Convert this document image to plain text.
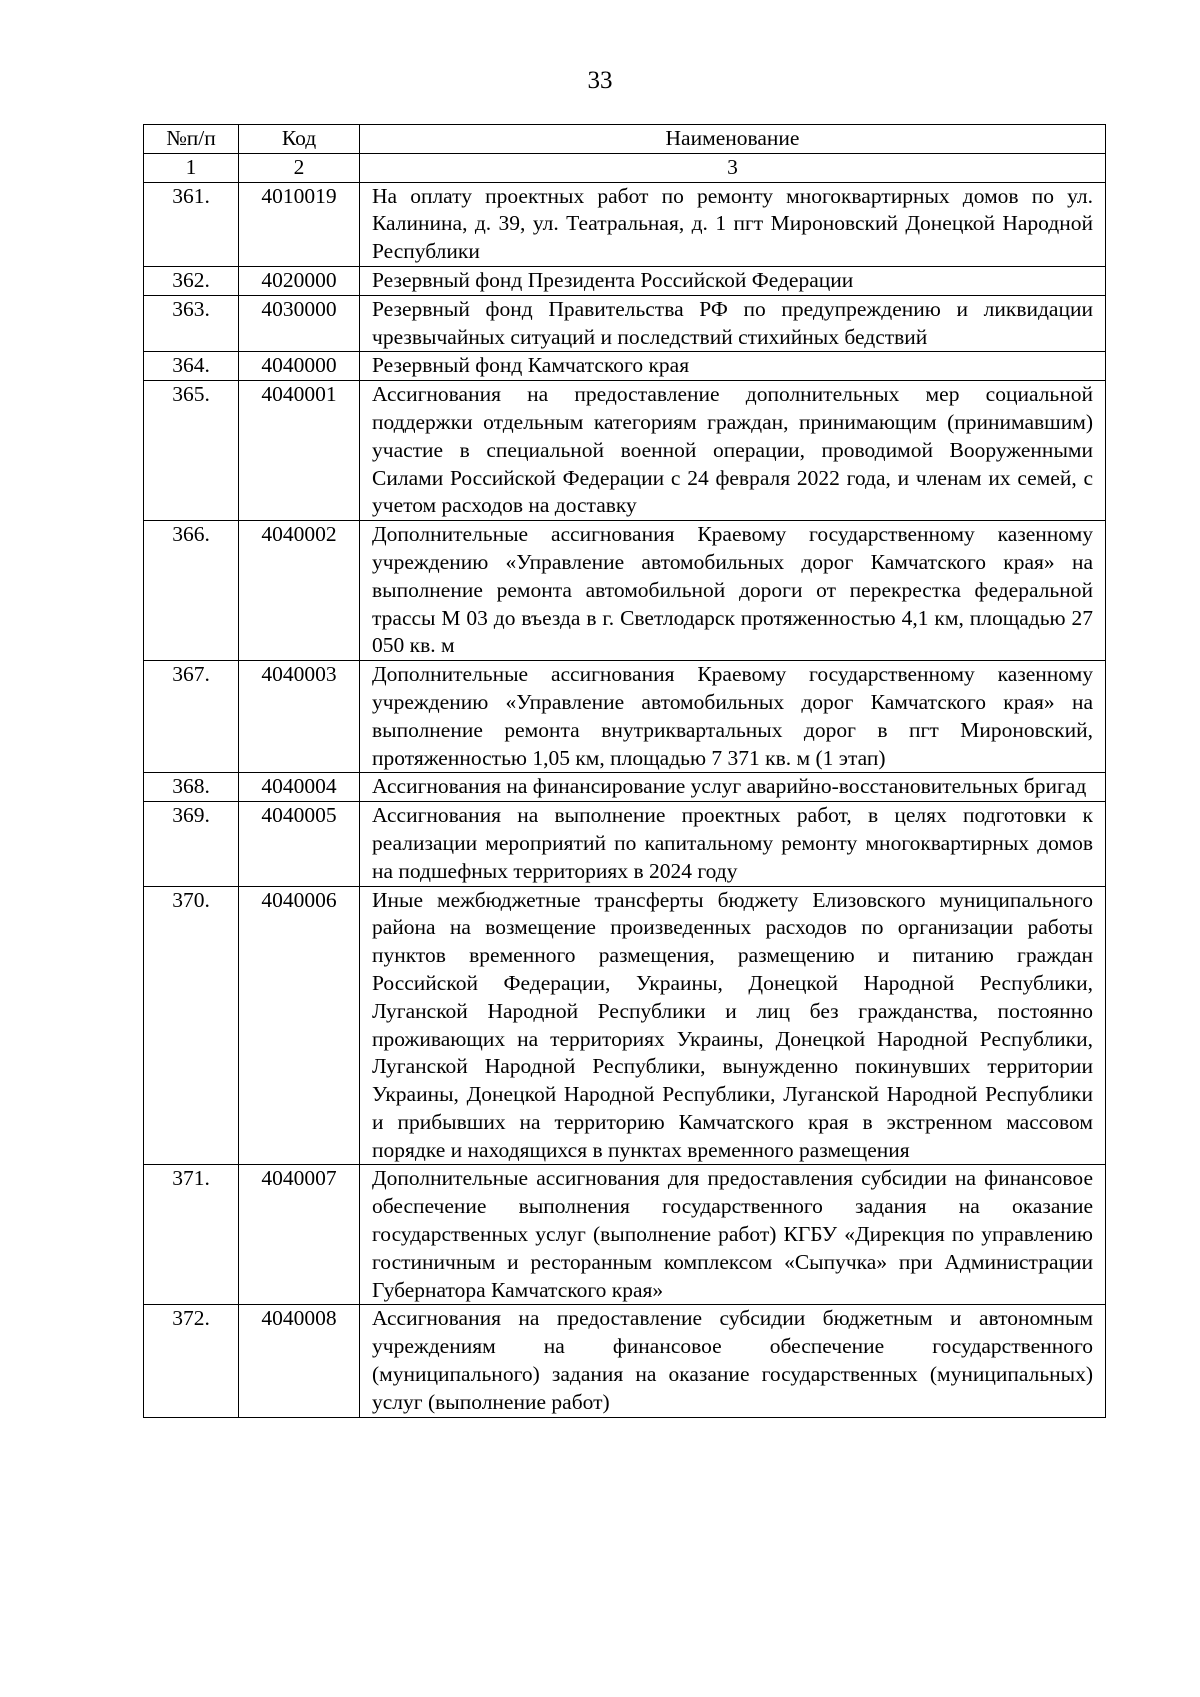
33
№п/п	Код	Наименование
1	2	3
361.	4010019	На оплату проектных работ по ремонту многоквартирных домов по ул. Калинина, д. 39, ул. Театральная, д. 1 пгт Мироновский Донецкой Народной Республики
362.	4020000	Резервный фонд Президента Российской Федерации
363.	4030000	Резервный фонд Правительства РФ по предупреждению и ликвидации чрезвычайных ситуаций и последствий стихийных бедствий
364.	4040000	Резервный фонд Камчатского края
365.	4040001	Ассигнования на предоставление дополнительных мер социальной поддержки отдельным категориям граждан, принимающим (принимавшим) участие в специальной военной операции, проводимой Вооруженными Силами Российской Федерации с 24 февраля 2022 года, и членам их семей, с учетом расходов на доставку
366.	4040002	Дополнительные ассигнования Краевому государственному казенному учреждению «Управление автомобильных дорог Камчатского края» на выполнение ремонта автомобильной дороги от перекрестка федеральной трассы М 03 до въезда в г. Светлодарск протяженностью 4,1 км, площадью 27 050 кв. м
367.	4040003	Дополнительные ассигнования Краевому государственному казенному учреждению «Управление автомобильных дорог Камчатского края» на выполнение ремонта внутриквартальных дорог в пгт Мироновский, протяженностью 1,05 км, площадью 7 371 кв. м (1 этап)
368.	4040004	Ассигнования на финансирование услуг аварийно-восстановительных бригад
369.	4040005	Ассигнования на выполнение проектных работ, в целях подготовки к реализации мероприятий по капитальному ремонту многоквартирных домов на подшефных территориях в 2024 году
370.	4040006	Иные межбюджетные трансферты бюджету Елизовского муниципального района на возмещение произведенных расходов по организации работы пунктов временного размещения, размещению и питанию граждан Российской Федерации, Украины, Донецкой Народной Республики, Луганской Народной Республики и лиц без гражданства, постоянно проживающих на территориях Украины, Донецкой Народной Республики, Луганской Народной Республики, вынужденно покинувших территории Украины, Донецкой Народной Республики, Луганской Народной Республики и прибывших на территорию Камчатского края в экстренном массовом порядке и находящихся в пунктах временного размещения
371.	4040007	Дополнительные ассигнования для предоставления субсидии на финансовое обеспечение выполнения государственного задания на оказание государственных услуг (выполнение работ) КГБУ «Дирекция по управлению гостиничным и ресторанным комплексом «Сыпучка» при Администрации Губернатора Камчатского края»
372.	4040008	Ассигнования на предоставление субсидии бюджетным и автономным учреждениям на финансовое обеспечение государственного (муниципального) задания на оказание государственных (муниципальных) услуг (выполнение работ)
